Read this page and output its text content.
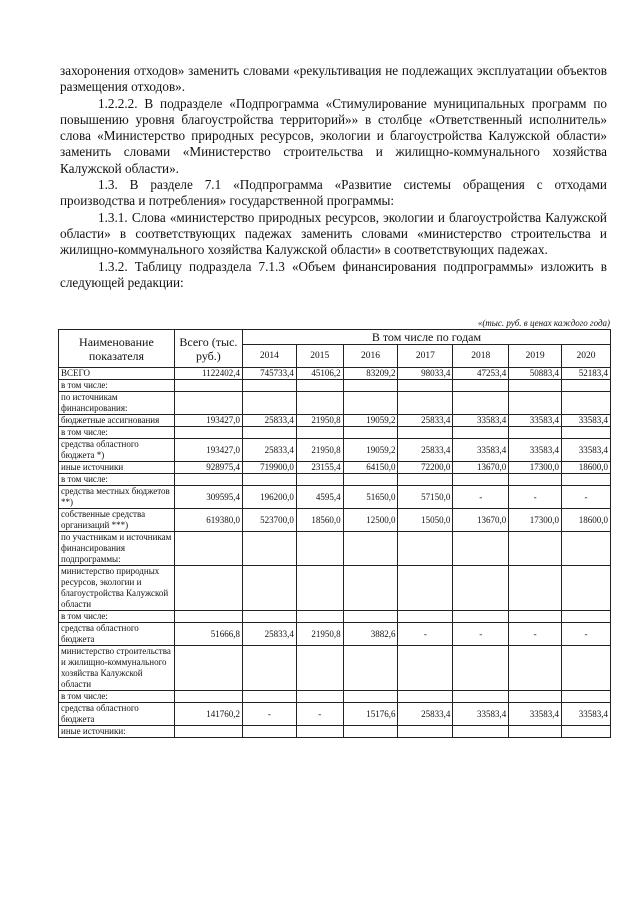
захоронения отходов» заменить словами «рекультивация не подлежащих эксплуатации объектов размещения отходов».

1.2.2.2. В подразделе «Подпрограмма «Стимулирование муниципальных программ по повышению уровня благоустройства территорий»» в столбце «Ответственный исполнитель» слова «Министерство природных ресурсов, экологии и благоустройства Калужской области» заменить словами «Министерство строительства и жилищно-коммунального хозяйства Калужской области».

1.3. В разделе 7.1 «Подпрограмма «Развитие системы обращения с отходами производства и потребления» государственной программы:

1.3.1. Слова «министерство природных ресурсов, экологии и благоустройства Калужской области» в соответствующих падежах заменить словами «министерство строительства и жилищно-коммунального хозяйства Калужской области» в соответствующих падежах.

1.3.2. Таблицу подраздела 7.1.3 «Объем финансирования подпрограммы» изложить в следующей редакции:

«(тыс. руб. в ценах каждого года)
Наименование показателя	Всего (тыс. руб.)	В том числе по годам						
		2014	2015	2016	2017	2018	2019	2020
ВСЕГО	1122402,4	745733,4	45106,2	83209,2	98033,4	47253,4	50883,4	52183,4
в том числе:								
по источникам финансирования:								
бюджетные ассигнования	193427,0	25833,4	21950,8	19059,2	25833,4	33583,4	33583,4	33583,4
в том числе:								
средства областного бюджета *)	193427,0	25833,4	21950,8	19059,2	25833,4	33583,4	33583,4	33583,4
иные источники	928975,4	719900,0	23155,4	64150,0	72200,0	13670,0	17300,0	18600,0
в том числе:								
средства местных бюджетов **)	309595,4	196200,0	4595,4	51650,0	57150,0	-	-	-
собственные средства организаций ***)	619380,0	523700,0	18560,0	12500,0	15050,0	13670,0	17300,0	18600,0
по участникам и источникам финансирования подпрограммы:								
министерство природных ресурсов, экологии и благоустройства Калужской области								
в том числе:								
средства областного бюджета	51666,8	25833,4	21950,8	3882,6	-	-	-	-
министерство строительства и жилищно-коммунального хозяйства Калужской области								
в том числе:								
средства областного бюджета	141760,2	-	-	15176,6	25833,4	33583,4	33583,4	33583,4
иные источники:								
